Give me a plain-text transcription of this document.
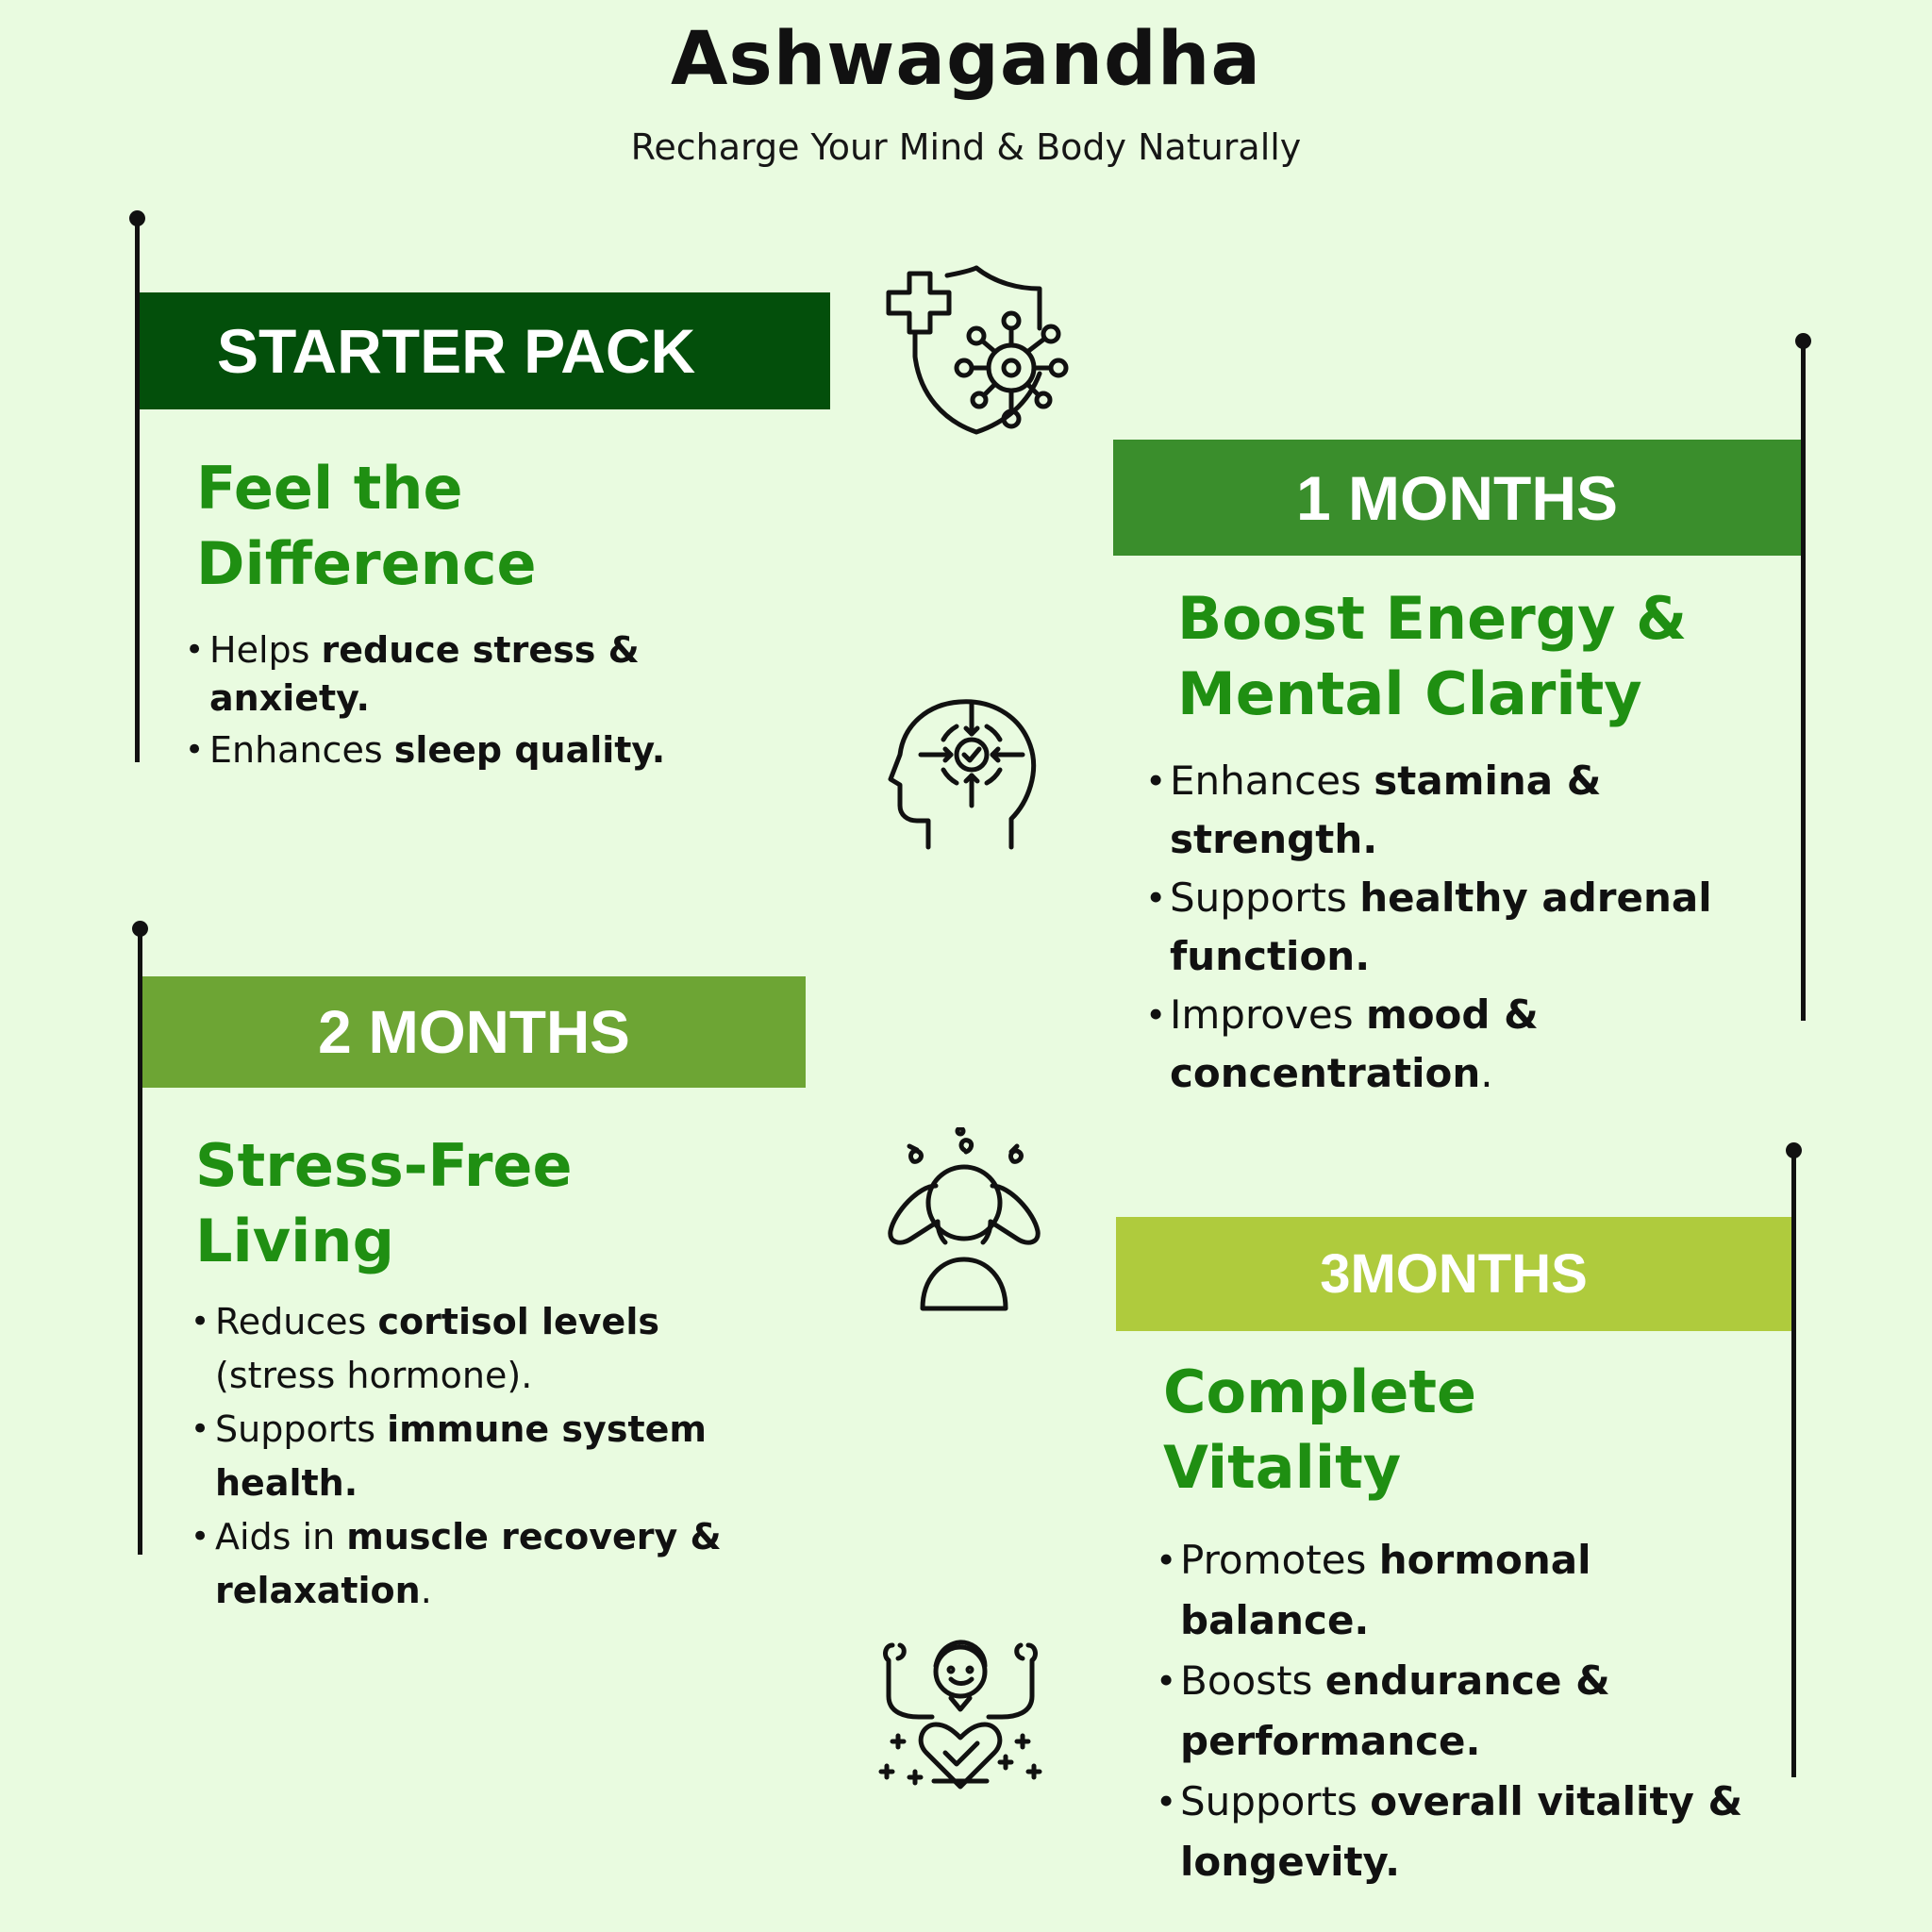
Ashwagandha

Recharge Your Mind & Body Naturally

STARTER PACK
Feel the
Difference
• Helps reduce stress & anxiety.
• Enhances sleep quality.
1 MONTHS
Boost Energy &
Mental Clarity
• Enhances stamina & strength.
• Supports healthy adrenal function.
• Improves mood & concentration.
2 MONTHS
Stress-Free
Living
• Reduces cortisol levels (stress hormone).
• Supports immune system health.
• Aids in muscle recovery & relaxation.
3MONTHS
Complete
Vitality
• Promotes hormonal balance.
• Boosts endurance & performance.
• Supports overall vitality & longevity.
